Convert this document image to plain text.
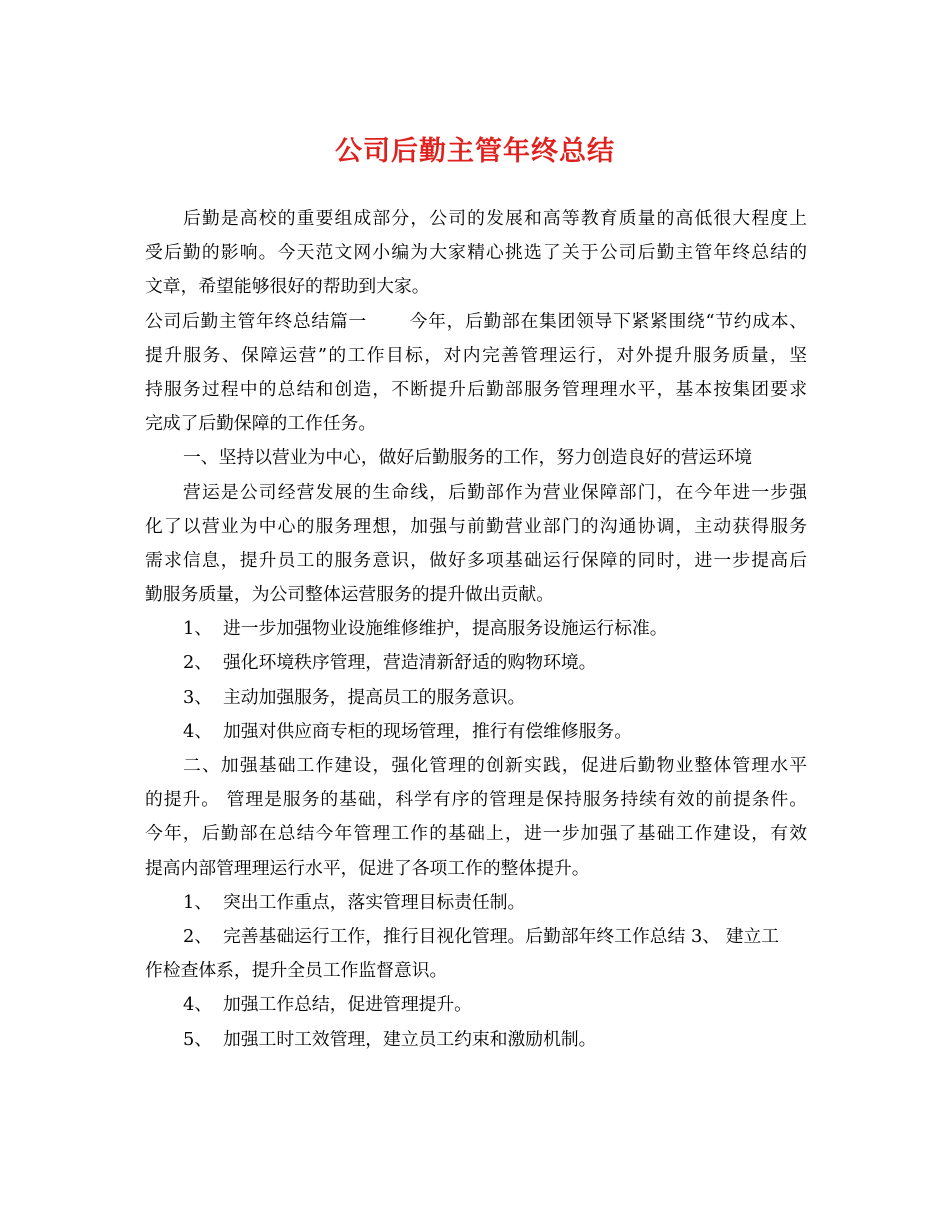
公司后勤主管年终总结
后勤是高校的重要组成部分，公司的发展和高等教育质量的高低很大程度上
受后勤的影响。今天范文网小编为大家精心挑选了关于公司后勤主管年终总结的
文章，希望能够很好的帮助到大家。
公司后勤主管年终总结篇一 今年，后勤部在集团领导下紧紧围绕“节约成本、
提升服务、保障运营”的工作目标，对内完善管理运行，对外提升服务质量，坚
持服务过程中的总结和创造，不断提升后勤部服务管理理水平，基本按集团要求
完成了后勤保障的工作任务。
一、坚持以营业为中心，做好后勤服务的工作，努力创造良好的营运环境
营运是公司经营发展的生命线，后勤部作为营业保障部门，在今年进一步强
化了以营业为中心的服务理想，加强与前勤营业部门的沟通协调，主动获得服务
需求信息，提升员工的服务意识，做好多项基础运行保障的同时，进一步提高后
勤服务质量，为公司整体运营服务的提升做出贡献。
1、 进一步加强物业设施维修维护，提高服务设施运行标准。
2、 强化环境秩序管理，营造清新舒适的购物环境。
3、 主动加强服务，提高员工的服务意识。
4、 加强对供应商专柜的现场管理，推行有偿维修服务。
二、加强基础工作建设，强化管理的创新实践，促进后勤物业整体管理水平
的提升。 管理是服务的基础，科学有序的管理是保持服务持续有效的前提条件。
今年，后勤部在总结今年管理工作的基础上，进一步加强了基础工作建设，有效
提高内部管理理运行水平，促进了各项工作的整体提升。
1、 突出工作重点，落实管理目标责任制。
2、 完善基础运行工作，推行目视化管理。后勤部年终工作总结 3、 建立工
作检查体系，提升全员工作监督意识。
4、 加强工作总结，促进管理提升。
5、 加强工时工效管理，建立员工约束和激励机制。
